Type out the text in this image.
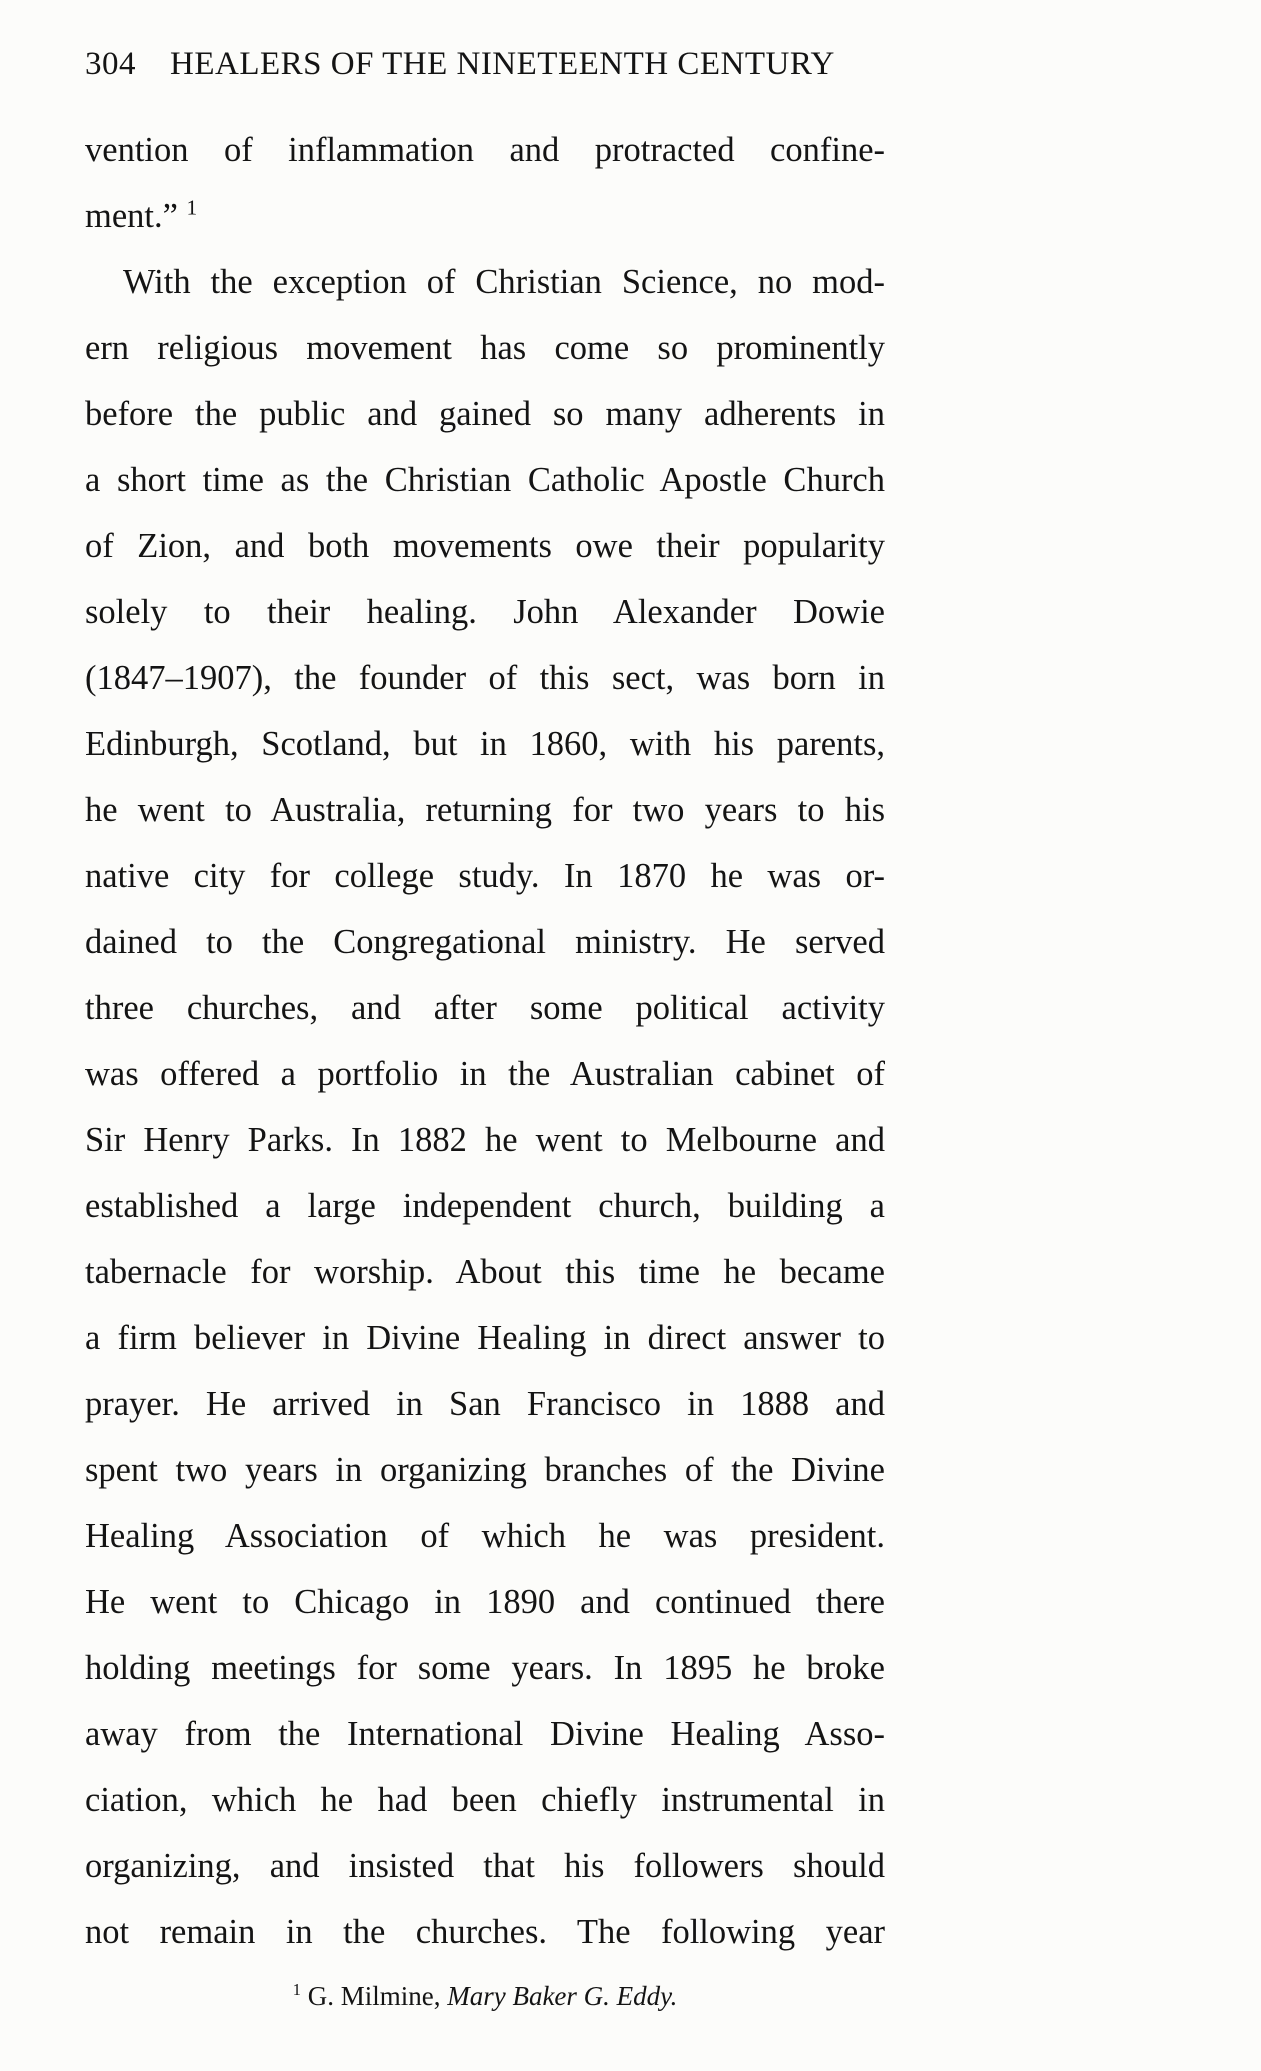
304 HEALERS OF THE NINETEENTH CENTURY
vention of inflammation and protracted confine-
ment.” $^1$
With the exception of Christian Science, no mod-
ern religious movement has come so prominently
before the public and gained so many adherents in
a short time as the Christian Catholic Apostle Church
of Zion, and both movements owe their popularity
solely to their healing. John Alexander Dowie
(1847–1907), the founder of this sect, was born in
Edinburgh, Scotland, but in 1860, with his parents,
he went to Australia, returning for two years to his
native city for college study. In 1870 he was or-
dained to the Congregational ministry. He served
three churches, and after some political activity
was offered a portfolio in the Australian cabinet of
Sir Henry Parks. In 1882 he went to Melbourne and
established a large independent church, building a
tabernacle for worship. About this time he became
a firm believer in Divine Healing in direct answer to
prayer. He arrived in San Francisco in 1888 and
spent two years in organizing branches of the Divine
Healing Association of which he was president.
He went to Chicago in 1890 and continued there
holding meetings for some years. In 1895 he broke
away from the International Divine Healing Asso-
ciation, which he had been chiefly instrumental in
organizing, and insisted that his followers should
not remain in the churches. The following year
$^1$ G. Milmine, Mary Baker G. Eddy.
